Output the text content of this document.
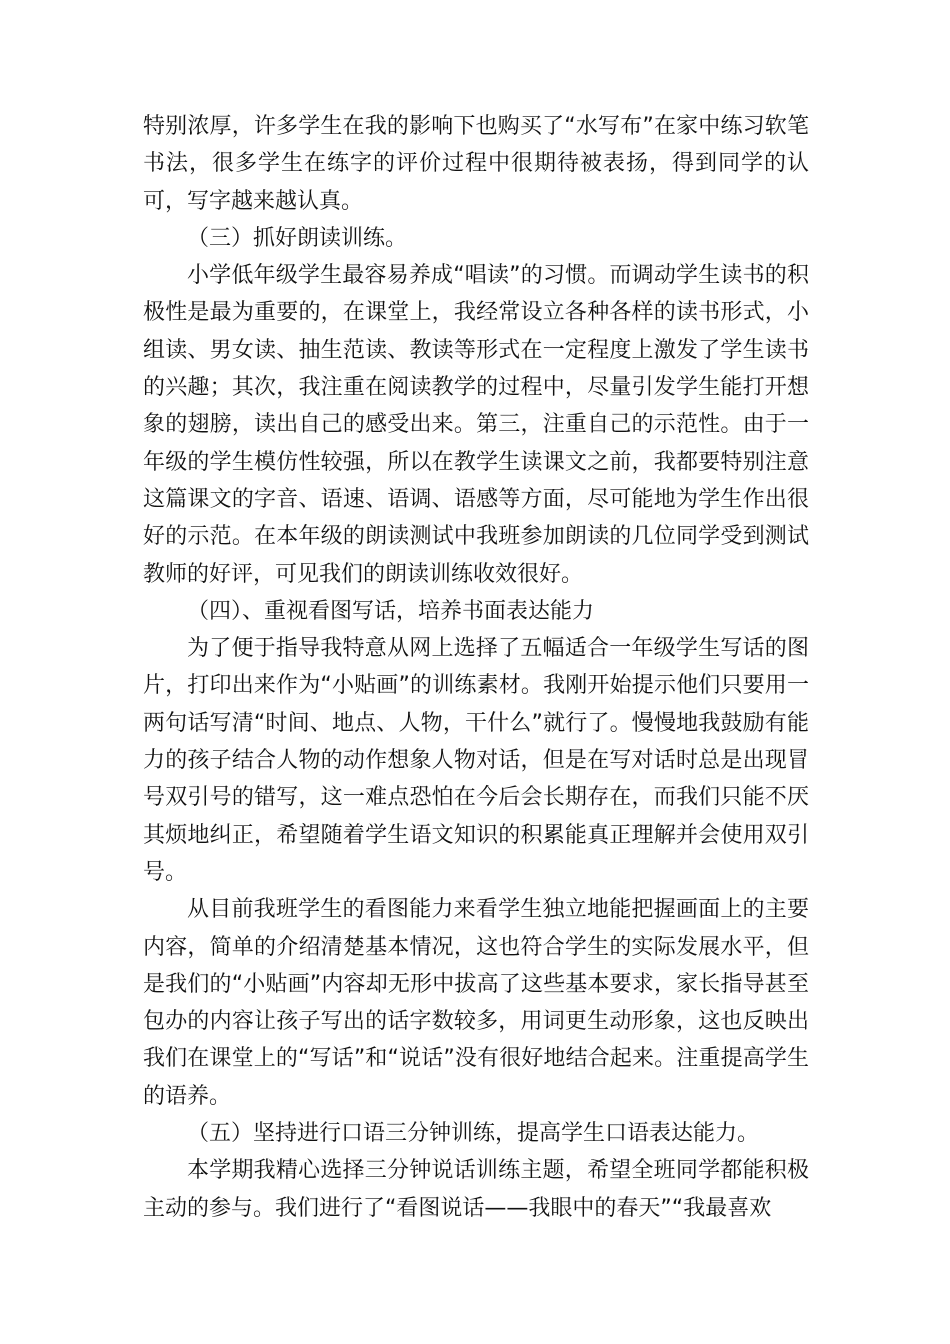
特别浓厚，许多学生在我的影响下也购买了“水写布”在家中练习软笔书法，很多学生在练字的评价过程中很期待被表扬，得到同学的认可，写字越来越认真。

（三）抓好朗读训练。

小学低年级学生最容易养成“唱读”的习惯。而调动学生读书的积极性是最为重要的，在课堂上，我经常设立各种各样的读书形式，小组读、男女读、抽生范读、教读等形式在一定程度上激发了学生读书的兴趣；其次，我注重在阅读教学的过程中，尽量引发学生能打开想象的翅膀，读出自己的感受出来。第三，注重自己的示范性。由于一年级的学生模仿性较强，所以在教学生读课文之前，我都要特别注意这篇课文的字音、语速、语调、语感等方面，尽可能地为学生作出很好的示范。在本年级的朗读测试中我班参加朗读的几位同学受到测试教师的好评，可见我们的朗读训练收效很好。

（四）、重视看图写话，培养书面表达能力

为了便于指导我特意从网上选择了五幅适合一年级学生写话的图片，打印出来作为“小贴画”的训练素材。我刚开始提示他们只要用一两句话写清“时间、地点、人物，干什么”就行了。慢慢地我鼓励有能力的孩子结合人物的动作想象人物对话，但是在写对话时总是出现冒号双引号的错写，这一难点恐怕在今后会长期存在，而我们只能不厌其烦地纠正，希望随着学生语文知识的积累能真正理解并会使用双引号。

从目前我班学生的看图能力来看学生独立地能把握画面上的主要内容，简单的介绍清楚基本情况，这也符合学生的实际发展水平，但是我们的“小贴画”内容却无形中拔高了这些基本要求，家长指导甚至包办的内容让孩子写出的话字数较多，用词更生动形象，这也反映出我们在课堂上的“写话”和“说话”没有很好地结合起来。注重提高学生的语养。

（五）坚持进行口语三分钟训练，提高学生口语表达能力。

本学期我精心选择三分钟说话训练主题，希望全班同学都能积极主动的参与。我们进行了“看图说话——我眼中的春天”“我最喜欢
